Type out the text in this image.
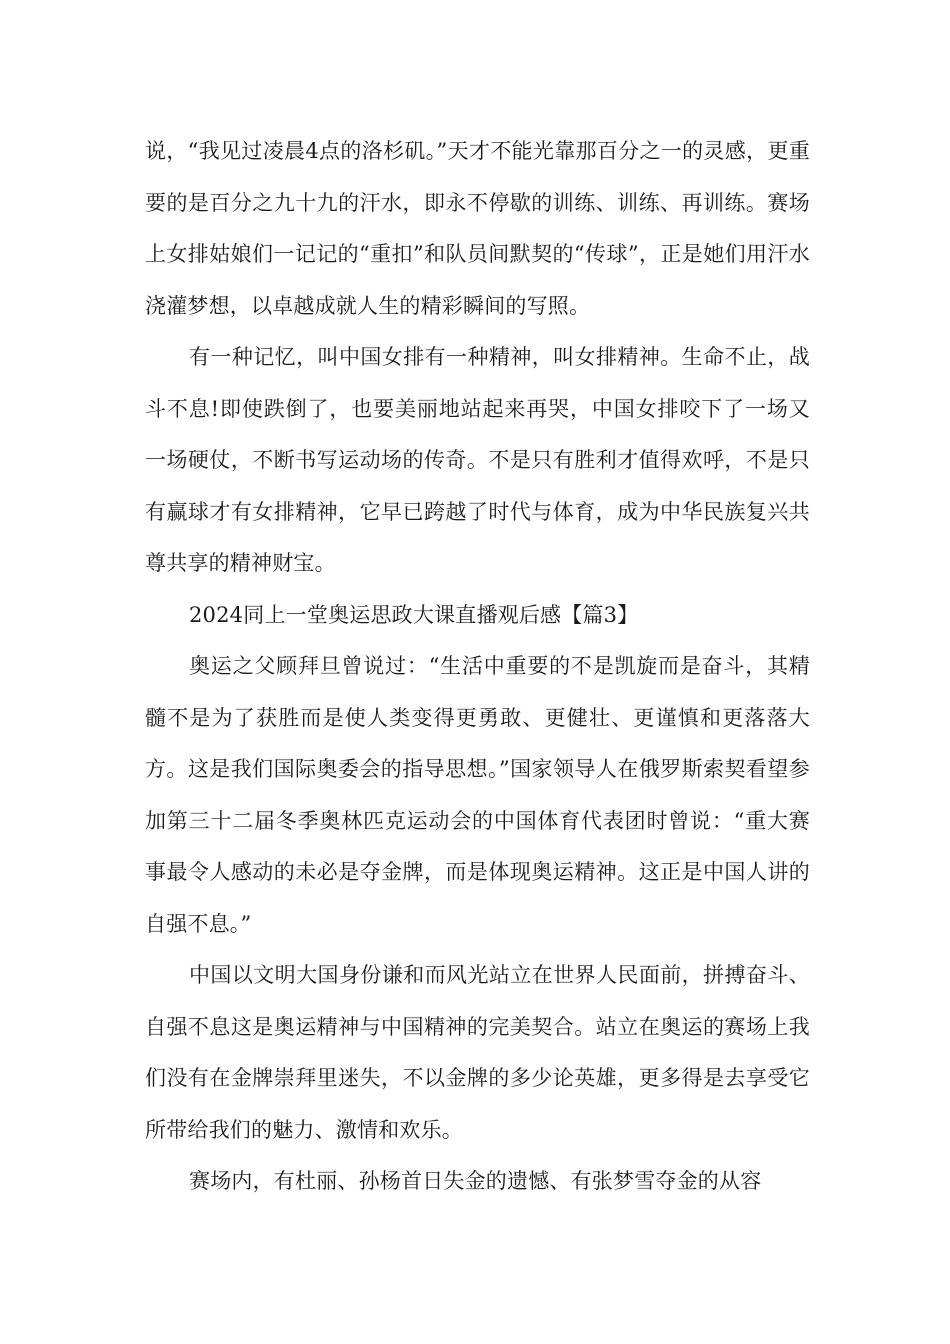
说，“我见过凌晨4点的洛杉矶。”天才不能光靠那百分之一的灵感，更重要的是百分之九十九的汗水，即永不停歇的训练、训练、再训练。赛场上女排姑娘们一记记的“重扣”和队员间默契的“传球”，正是她们用汗水浇灌梦想，以卓越成就人生的精彩瞬间的写照。

有一种记忆，叫中国女排有一种精神，叫女排精神。生命不止，战斗不息!即使跌倒了，也要美丽地站起来再哭，中国女排咬下了一场又一场硬仗，不断书写运动场的传奇。不是只有胜利才值得欢呼，不是只有赢球才有女排精神，它早已跨越了时代与体育，成为中华民族复兴共尊共享的精神财宝。

2024同上一堂奥运思政大课直播观后感【篇3】

奥运之父顾拜旦曾说过：“生活中重要的不是凯旋而是奋斗，其精髓不是为了获胜而是使人类变得更勇敢、更健壮、更谨慎和更落落大方。这是我们国际奥委会的指导思想。”国家领导人在俄罗斯索契看望参加第三十二届冬季奥林匹克运动会的中国体育代表团时曾说：“重大赛事最令人感动的未必是夺金牌，而是体现奥运精神。这正是中国人讲的自强不息。”

中国以文明大国身份谦和而风光站立在世界人民面前，拼搏奋斗、自强不息这是奥运精神与中国精神的完美契合。站立在奥运的赛场上我们没有在金牌崇拜里迷失，不以金牌的多少论英雄，更多得是去享受它所带给我们的魅力、激情和欢乐。

赛场内，有杜丽、孙杨首日失金的遗憾、有张梦雪夺金的从容
